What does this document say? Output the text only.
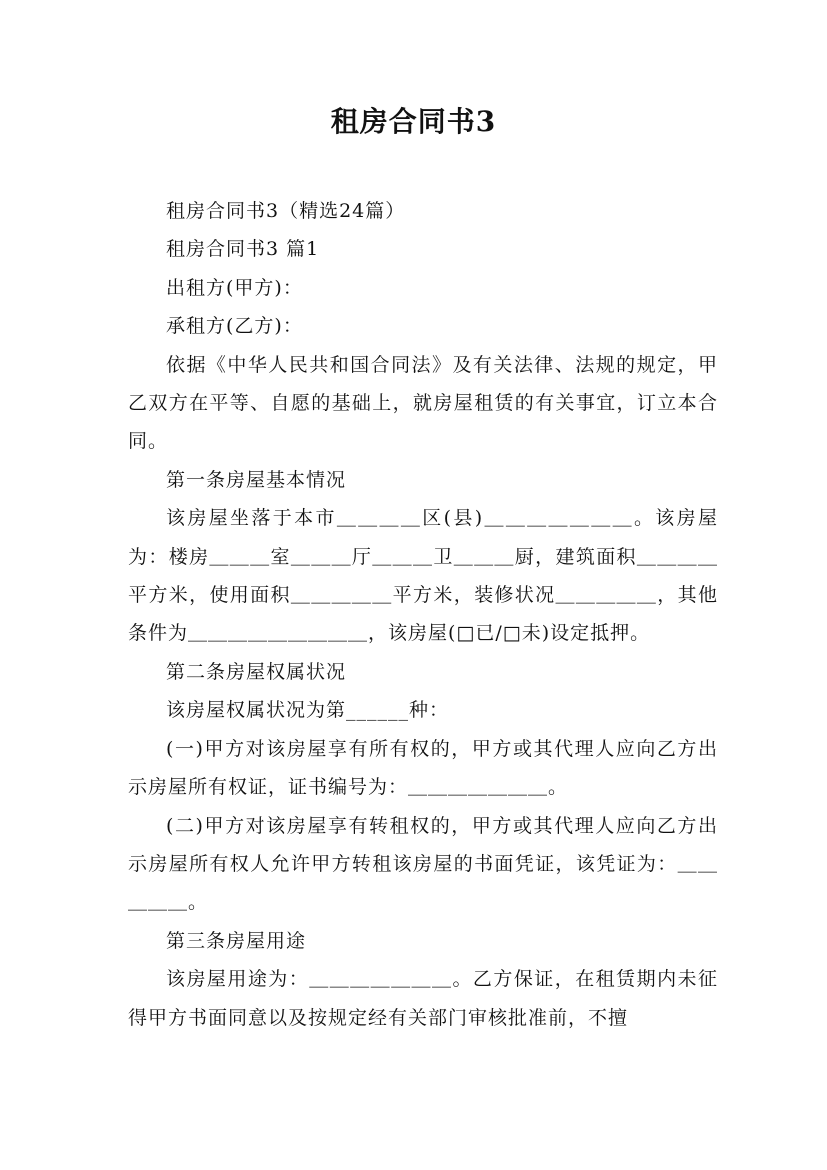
租房合同书3

租房合同书3（精选24篇）

租房合同书3 篇1

出租方(甲方)：

承租方(乙方)：

依据《中华人民共和国合同法》及有关法律、法规的规定，甲乙双方在平等、自愿的基础上，就房屋租赁的有关事宜，订立本合同。

第一条房屋基本情况

该房屋坐落于本市＿＿＿＿区(县)＿＿＿＿＿＿＿。该房屋为：楼房＿＿＿室＿＿＿厅＿＿＿卫＿＿＿厨，建筑面积＿＿＿＿平方米，使用面积＿＿＿＿＿平方米，装修状况＿＿＿＿＿，其他条件为＿＿＿＿＿＿＿＿＿，该房屋(□已/□未)设定抵押。

第二条房屋权属状况

该房屋权属状况为第______种：

(一)甲方对该房屋享有所有权的，甲方或其代理人应向乙方出示房屋所有权证，证书编号为：＿＿＿＿＿＿＿。

(二)甲方对该房屋享有转租权的，甲方或其代理人应向乙方出示房屋所有权人允许甲方转租该房屋的书面凭证，该凭证为：＿＿＿＿＿。

第三条房屋用途

该房屋用途为：＿＿＿＿＿＿＿。乙方保证，在租赁期内未征得甲方书面同意以及按规定经有关部门审核批准前，不擅
